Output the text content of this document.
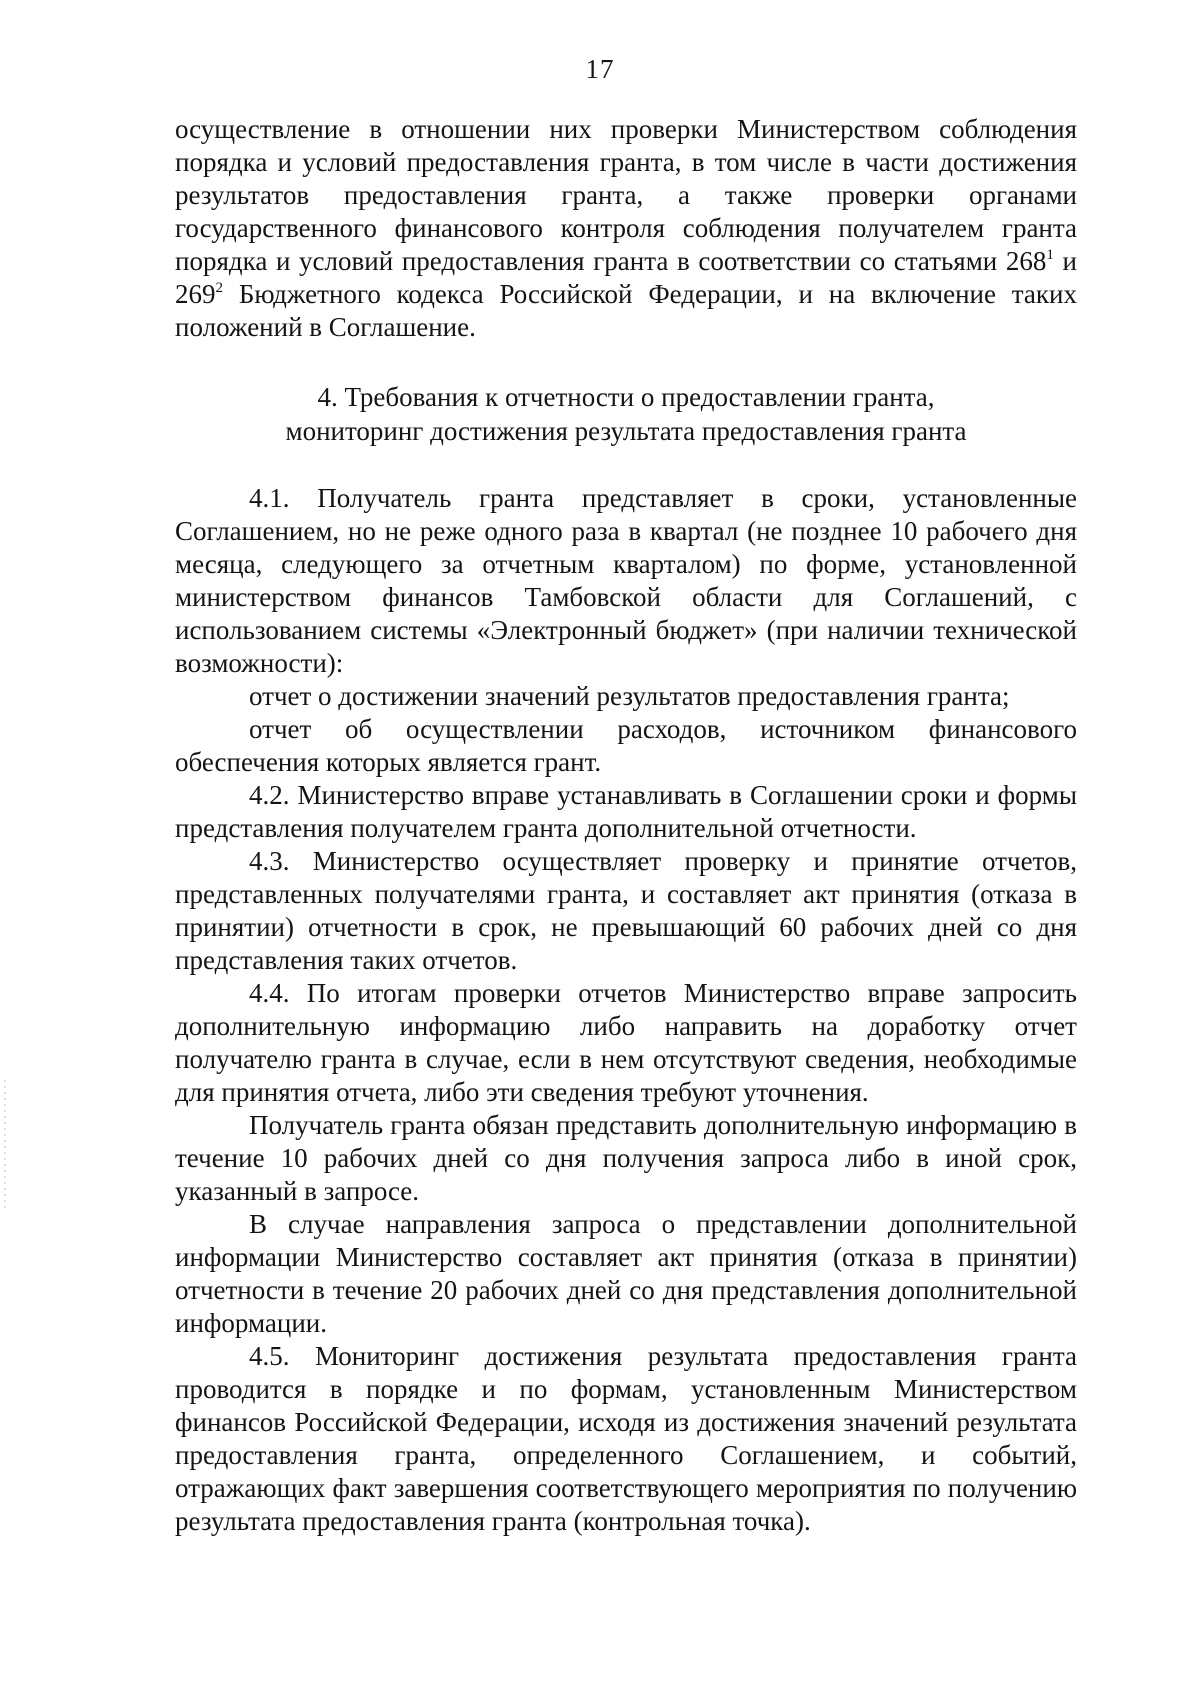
17

осуществление в отношении них проверки Министерством соблюдения порядка и условий предоставления гранта, в том числе в части достижения результатов предоставления гранта, а также проверки органами государственного финансового контроля соблюдения получателем гранта порядка и условий предоставления гранта в соответствии со статьями $268^1$ и $269^2$ Бюджетного кодекса Российской Федерации, и на включение таких положений в Соглашение.

4. Требования к отчетности о предоставлении гранта,
мониторинг достижения результата предоставления гранта

4.1. Получатель гранта представляет в сроки, установленные Соглашением, но не реже одного раза в квартал (не позднее 10 рабочего дня месяца, следующего за отчетным кварталом) по форме, установленной министерством финансов Тамбовской области для Соглашений, с использованием системы «Электронный бюджет» (при наличии технической возможности):

отчет о достижении значений результатов предоставления гранта;

отчет об осуществлении расходов, источником финансового обеспечения которых является грант.

4.2. Министерство вправе устанавливать в Соглашении сроки и формы представления получателем гранта дополнительной отчетности.

4.3. Министерство осуществляет проверку и принятие отчетов, представленных получателями гранта, и составляет акт принятия (отказа в принятии) отчетности в срок, не превышающий 60 рабочих дней со дня представления таких отчетов.

4.4. По итогам проверки отчетов Министерство вправе запросить дополнительную информацию либо направить на доработку отчет получателю гранта в случае, если в нем отсутствуют сведения, необходимые для принятия отчета, либо эти сведения требуют уточнения.

Получатель гранта обязан представить дополнительную информацию в течение 10 рабочих дней со дня получения запроса либо в иной срок, указанный в запросе.

В случае направления запроса о представлении дополнительной информации Министерство составляет акт принятия (отказа в принятии) отчетности в течение 20 рабочих дней со дня представления дополнительной информации.

4.5. Мониторинг достижения результата предоставления гранта проводится в порядке и по формам, установленным Министерством финансов Российской Федерации, исходя из достижения значений результата предоставления гранта, определенного Соглашением, и событий, отражающих факт завершения соответствующего мероприятия по получению результата предоставления гранта (контрольная точка).
